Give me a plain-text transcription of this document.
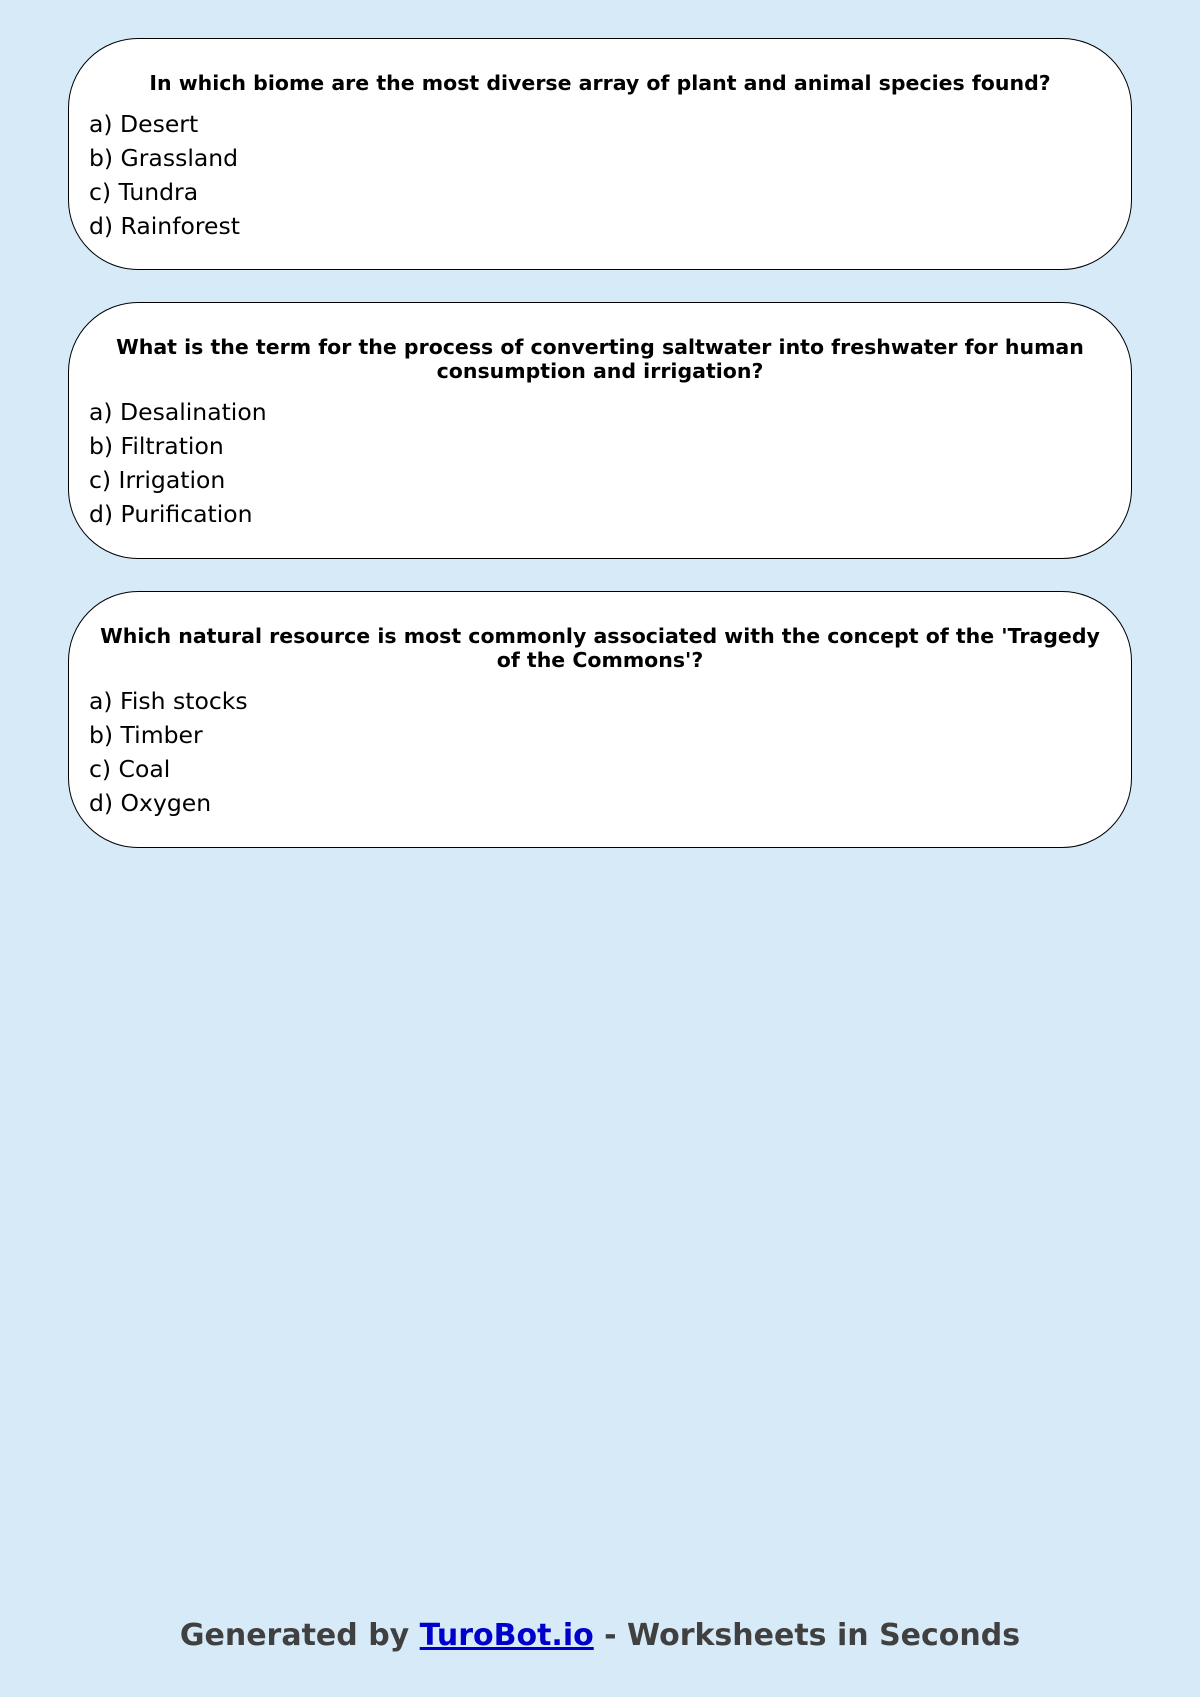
In which biome are the most diverse array of plant and animal species found?
a) Desert
b) Grassland
c) Tundra
d) Rainforest
What is the term for the process of converting saltwater into freshwater for human consumption and irrigation?
a) Desalination
b) Filtration
c) Irrigation
d) Purification
Which natural resource is most commonly associated with the concept of the 'Tragedy of the Commons'?
a) Fish stocks
b) Timber
c) Coal
d) Oxygen
Generated by TuroBot.io - Worksheets in Seconds
